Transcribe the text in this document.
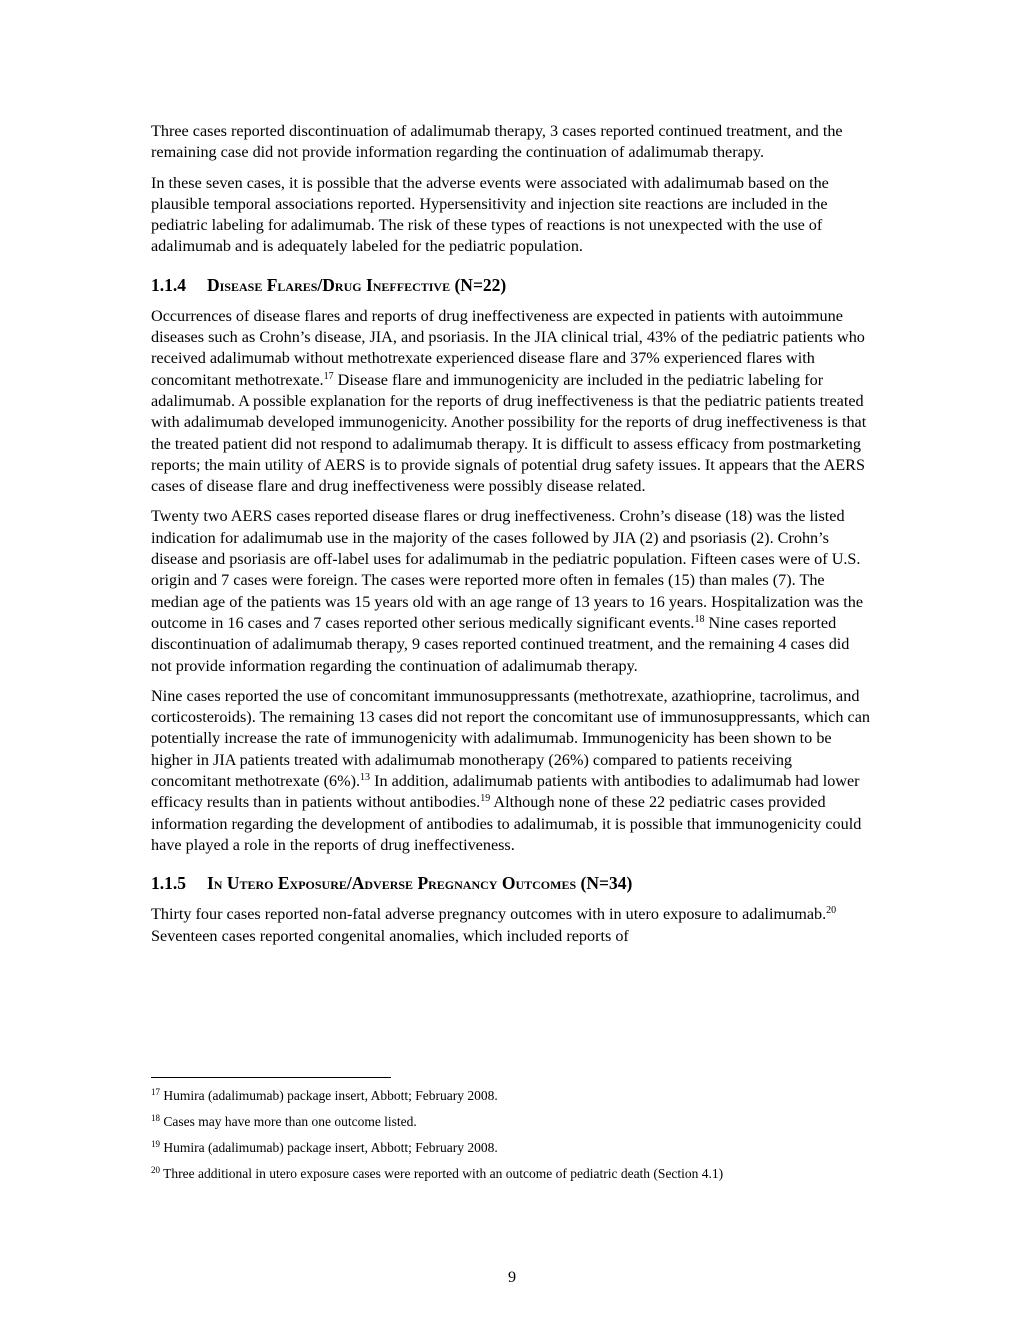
Three cases reported discontinuation of adalimumab therapy, 3 cases reported continued treatment, and the remaining case did not provide information regarding the continuation of adalimumab therapy.

In these seven cases, it is possible that the adverse events were associated with adalimumab based on the plausible temporal associations reported. Hypersensitivity and injection site reactions are included in the pediatric labeling for adalimumab. The risk of these types of reactions is not unexpected with the use of adalimumab and is adequately labeled for the pediatric population.

1.1.4 Disease Flares/Drug Ineffective (N=22)

Occurrences of disease flares and reports of drug ineffectiveness are expected in patients with autoimmune diseases such as Crohn’s disease, JIA, and psoriasis. In the JIA clinical trial, 43% of the pediatric patients who received adalimumab without methotrexate experienced disease flare and 37% experienced flares with concomitant methotrexate.$^{17}$ Disease flare and immunogenicity are included in the pediatric labeling for adalimumab. A possible explanation for the reports of drug ineffectiveness is that the pediatric patients treated with adalimumab developed immunogenicity. Another possibility for the reports of drug ineffectiveness is that the treated patient did not respond to adalimumab therapy. It is difficult to assess efficacy from postmarketing reports; the main utility of AERS is to provide signals of potential drug safety issues. It appears that the AERS cases of disease flare and drug ineffectiveness were possibly disease related.

Twenty two AERS cases reported disease flares or drug ineffectiveness. Crohn’s disease (18) was the listed indication for adalimumab use in the majority of the cases followed by JIA (2) and psoriasis (2). Crohn’s disease and psoriasis are off-label uses for adalimumab in the pediatric population. Fifteen cases were of U.S. origin and 7 cases were foreign. The cases were reported more often in females (15) than males (7). The median age of the patients was 15 years old with an age range of 13 years to 16 years. Hospitalization was the outcome in 16 cases and 7 cases reported other serious medically significant events.$^{18}$ Nine cases reported discontinuation of adalimumab therapy, 9 cases reported continued treatment, and the remaining 4 cases did not provide information regarding the continuation of adalimumab therapy.

Nine cases reported the use of concomitant immunosuppressants (methotrexate, azathioprine, tacrolimus, and corticosteroids). The remaining 13 cases did not report the concomitant use of immunosuppressants, which can potentially increase the rate of immunogenicity with adalimumab. Immunogenicity has been shown to be higher in JIA patients treated with adalimumab monotherapy (26%) compared to patients receiving concomitant methotrexate (6%).$^{13}$ In addition, adalimumab patients with antibodies to adalimumab had lower efficacy results than in patients without antibodies.$^{19}$ Although none of these 22 pediatric cases provided information regarding the development of antibodies to adalimumab, it is possible that immunogenicity could have played a role in the reports of drug ineffectiveness.

1.1.5 In Utero Exposure/Adverse Pregnancy Outcomes (N=34)

Thirty four cases reported non-fatal adverse pregnancy outcomes with in utero exposure to adalimumab.$^{20}$ Seventeen cases reported congenital anomalies, which included reports of

$^{17}$ Humira (adalimumab) package insert, Abbott; February 2008.
$^{18}$ Cases may have more than one outcome listed.
$^{19}$ Humira (adalimumab) package insert, Abbott; February 2008.
$^{20}$ Three additional in utero exposure cases were reported with an outcome of pediatric death (Section 4.1)
9
